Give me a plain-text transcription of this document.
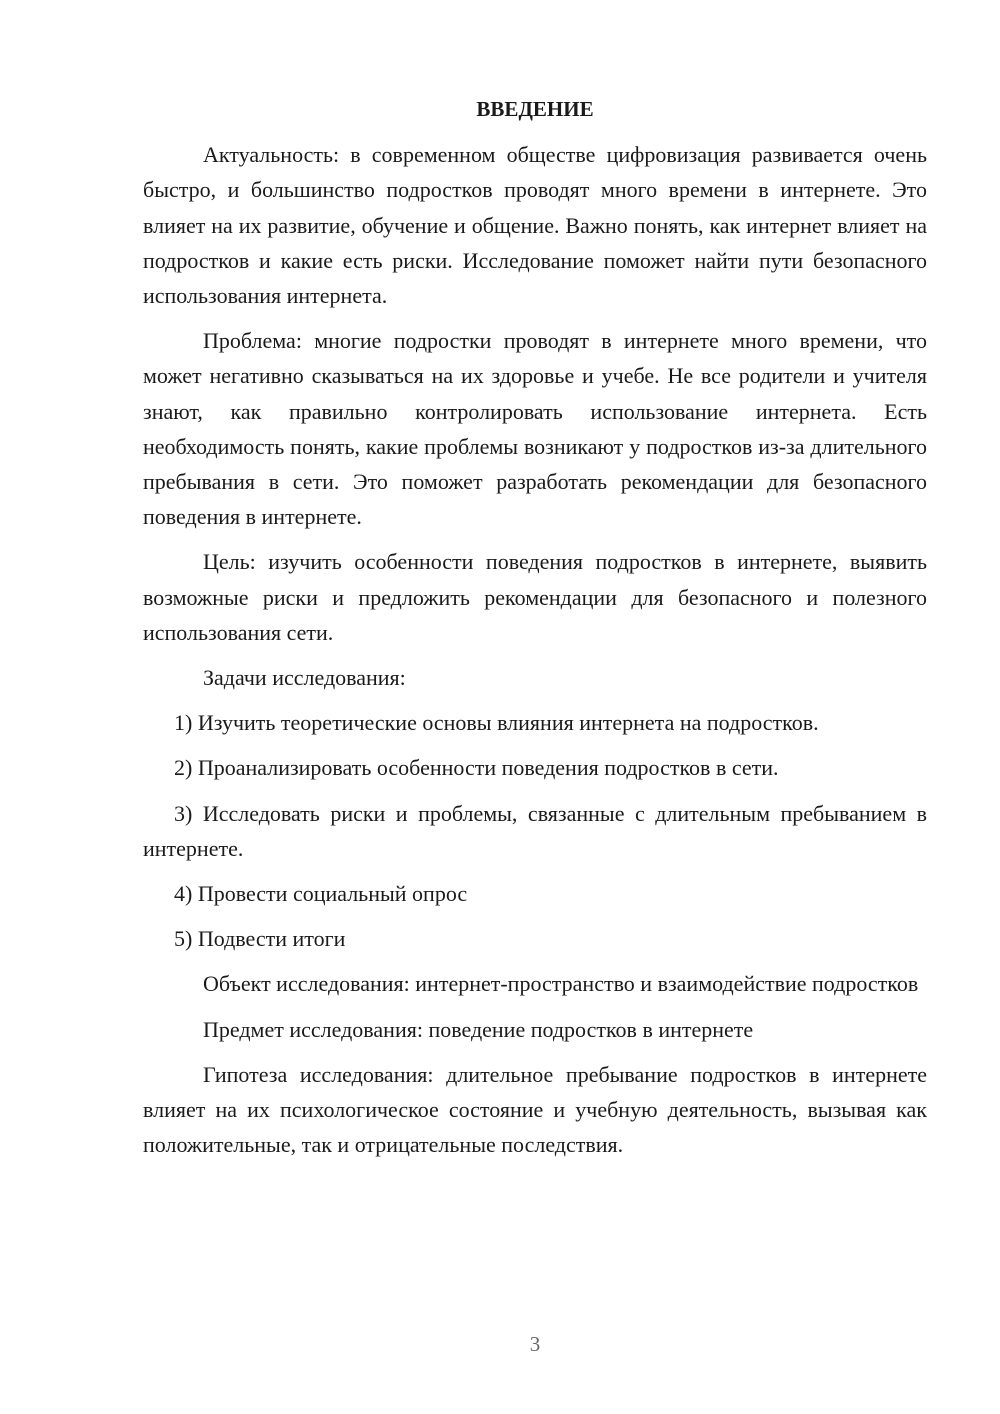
ВВЕДЕНИЕ

Актуальность: в современном обществе цифровизация развивается очень быстро, и большинство подростков проводят много времени в интернете. Это влияет на их развитие, обучение и общение. Важно понять, как интернет влияет на подростков и какие есть риски. Исследование поможет найти пути безопасного использования интернета.

Проблема: многие подростки проводят в интернете много времени, что может негативно сказываться на их здоровье и учебе. Не все родители и учителя знают, как правильно контролировать использование интернета. Есть необходимость понять, какие проблемы возникают у подростков из-за длительного пребывания в сети. Это поможет разработать рекомендации для безопасного поведения в интернете.

Цель: изучить особенности поведения подростков в интернете, выявить возможные риски и предложить рекомендации для безопасного и полезного использования сети.

Задачи исследования:

1) Изучить теоретические основы влияния интернета на подростков.

2) Проанализировать особенности поведения подростков в сети.

3) Исследовать риски и проблемы, связанные с длительным пребыванием в интернете.

4) Провести социальный опрос

5) Подвести итоги

Объект исследования: интернет-пространство и взаимодействие подростков

Предмет исследования: поведение подростков в интернете

Гипотеза исследования: длительное пребывание подростков в интернете влияет на их психологическое состояние и учебную деятельность, вызывая как положительные, так и отрицательные последствия.

3
